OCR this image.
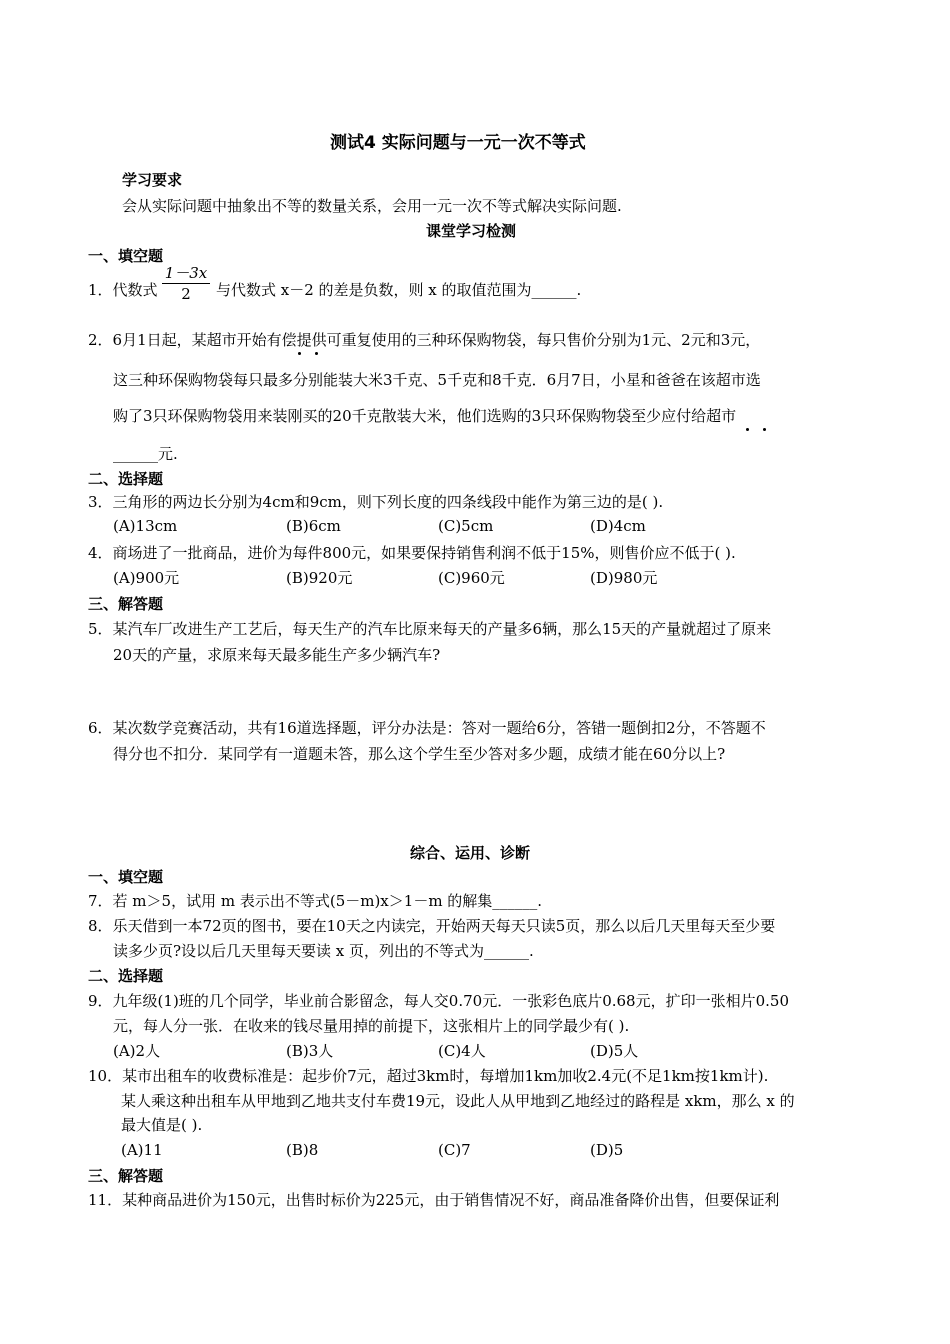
测试4 实际问题与一元一次不等式
学习要求
会从实际问题中抽象出不等的数量关系，会用一元一次不等式解决实际问题.
课堂学习检测
一、填空题
1．代数式
1－3x
2	与代数式 x－2 的差是负数，则 x 的取值范围为______.
2．6月1日起，某超市开始有偿提供可重复使用的三种环保购物袋，每只售价分别为1元、2元和3元，
这三种环保购物袋每只最多分别能装大米3千克、5千克和8千克．6月7日，小星和爸爸在该超市选
购了3只环保购物袋用来装刚买的20千克散装大米，他们选购的3只环保购物袋至少应付给超市
______元.
二、选择题
3．三角形的两边长分别为4cm和9cm，则下列长度的四条线段中能作为第三边的是( ).
(A)13cm	(B)6cm	(C)5cm	(D)4cm
4．商场进了一批商品，进价为每件800元，如果要保持销售利润不低于15%，则售价应不低于( ).
(A)900元	(B)920元	(C)960元	(D)980元
三、解答题
5．某汽车厂改进生产工艺后，每天生产的汽车比原来每天的产量多6辆，那么15天的产量就超过了原来
20天的产量，求原来每天最多能生产多少辆汽车?
6．某次数学竞赛活动，共有16道选择题，评分办法是：答对一题给6分，答错一题倒扣2分，不答题不
得分也不扣分．某同学有一道题未答，那么这个学生至少答对多少题，成绩才能在60分以上?
综合、运用、诊断
一、填空题
7．若 m＞5，试用 m 表示出不等式(5－m)x＞1－m 的解集______.
8．乐天借到一本72页的图书，要在10天之内读完，开始两天每天只读5页，那么以后几天里每天至少要
读多少页?设以后几天里每天要读 x 页，列出的不等式为______.
二、选择题
9．九年级(1)班的几个同学，毕业前合影留念，每人交0.70元．一张彩色底片0.68元，扩印一张相片0.50
元，每人分一张．在收来的钱尽量用掉的前提下，这张相片上的同学最少有( ).
(A)2人	(B)3人	(C)4人	(D)5人
10．某市出租车的收费标准是：起步价7元，超过3km时，每增加1km加收2.4元(不足1km按1km计).
某人乘这种出租车从甲地到乙地共支付车费19元，设此人从甲地到乙地经过的路程是 xkm，那么 x 的
最大值是( ).
(A)11	(B)8	(C)7	(D)5
三、解答题
11．某种商品进价为150元，出售时标价为225元，由于销售情况不好，商品准备降价出售，但要保证利
